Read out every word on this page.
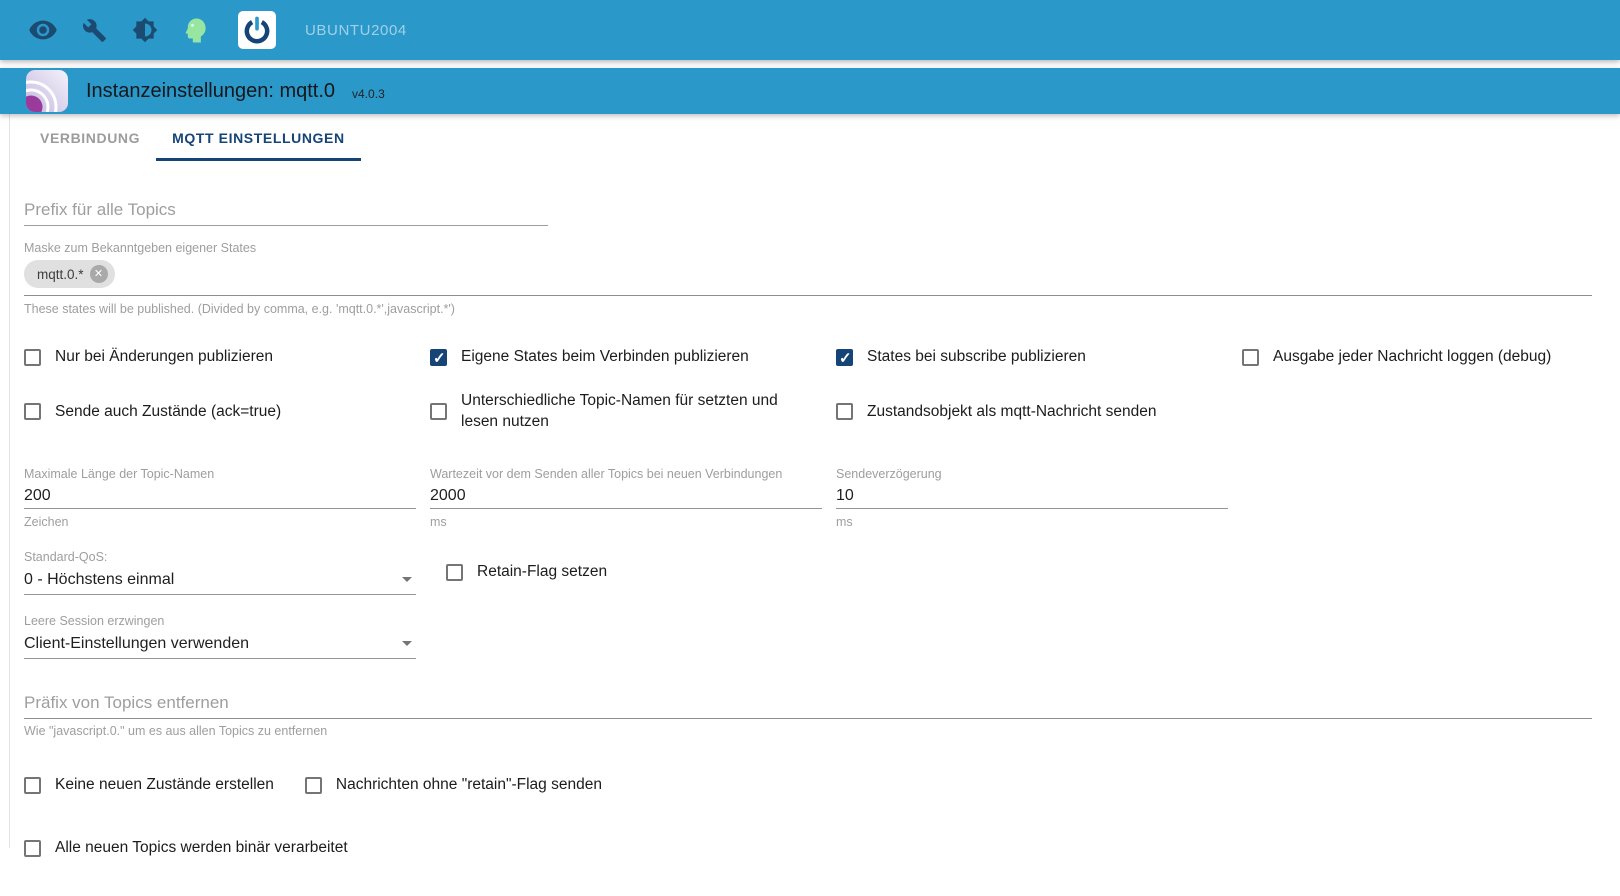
UBUNTU2004
Instanzeinstellungen: mqtt.0 v4.0.3
VERBINDUNG MQTT EINSTELLUNGEN
Prefix für alle Topics
Maske zum Bekanntgeben eigener States
mqtt.0.* ✕
These states will be published. (Divided by comma, e.g. 'mqtt.0.*',javascript.*')
Nur bei Änderungen publizieren ✓	Eigene States beim Verbinden publizieren ✓	States bei subscribe publizieren	Ausgabe jeder Nachricht loggen (debug)
Sende auch Zustände (ack=true)
Unterschiedliche Topic-Namen für setzten und lesen nutzen
Zustandsobjekt als mqtt-Nachricht senden
Maximale Länge der Topic-Namen
200
Zeichen
Wartezeit vor dem Senden aller Topics bei neuen Verbindungen
2000
ms
Sendeverzögerung
10
ms
Standard-QoS:
0 - Höchstens einmal	Retain-Flag setzen
Leere Session erzwingen
Client-Einstellungen verwenden
Präfix von Topics entfernen
Wie "javascript.0." um es aus allen Topics zu entfernen
Keine neuen Zustände erstellen	Nachrichten ohne "retain"-Flag senden
Alle neuen Topics werden binär verarbeitet
